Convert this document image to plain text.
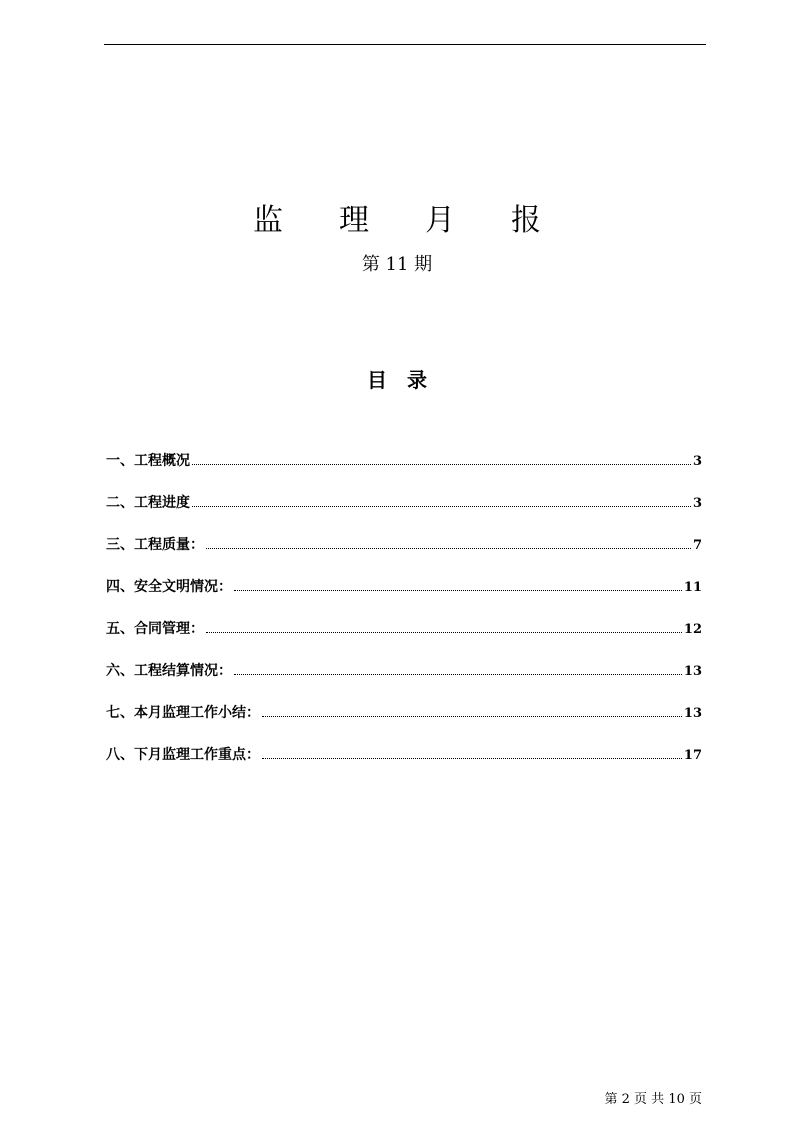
监 理 月 报
第 11 期
目 录
一、工程概况	3
二、工程进度	3
三、工程质量：	7
四、安全文明情况：	11
五、合同管理：	12
六、工程结算情况：	13
七、本月监理工作小结：	13
八、下月监理工作重点：	17
第 2 页 共 10 页
